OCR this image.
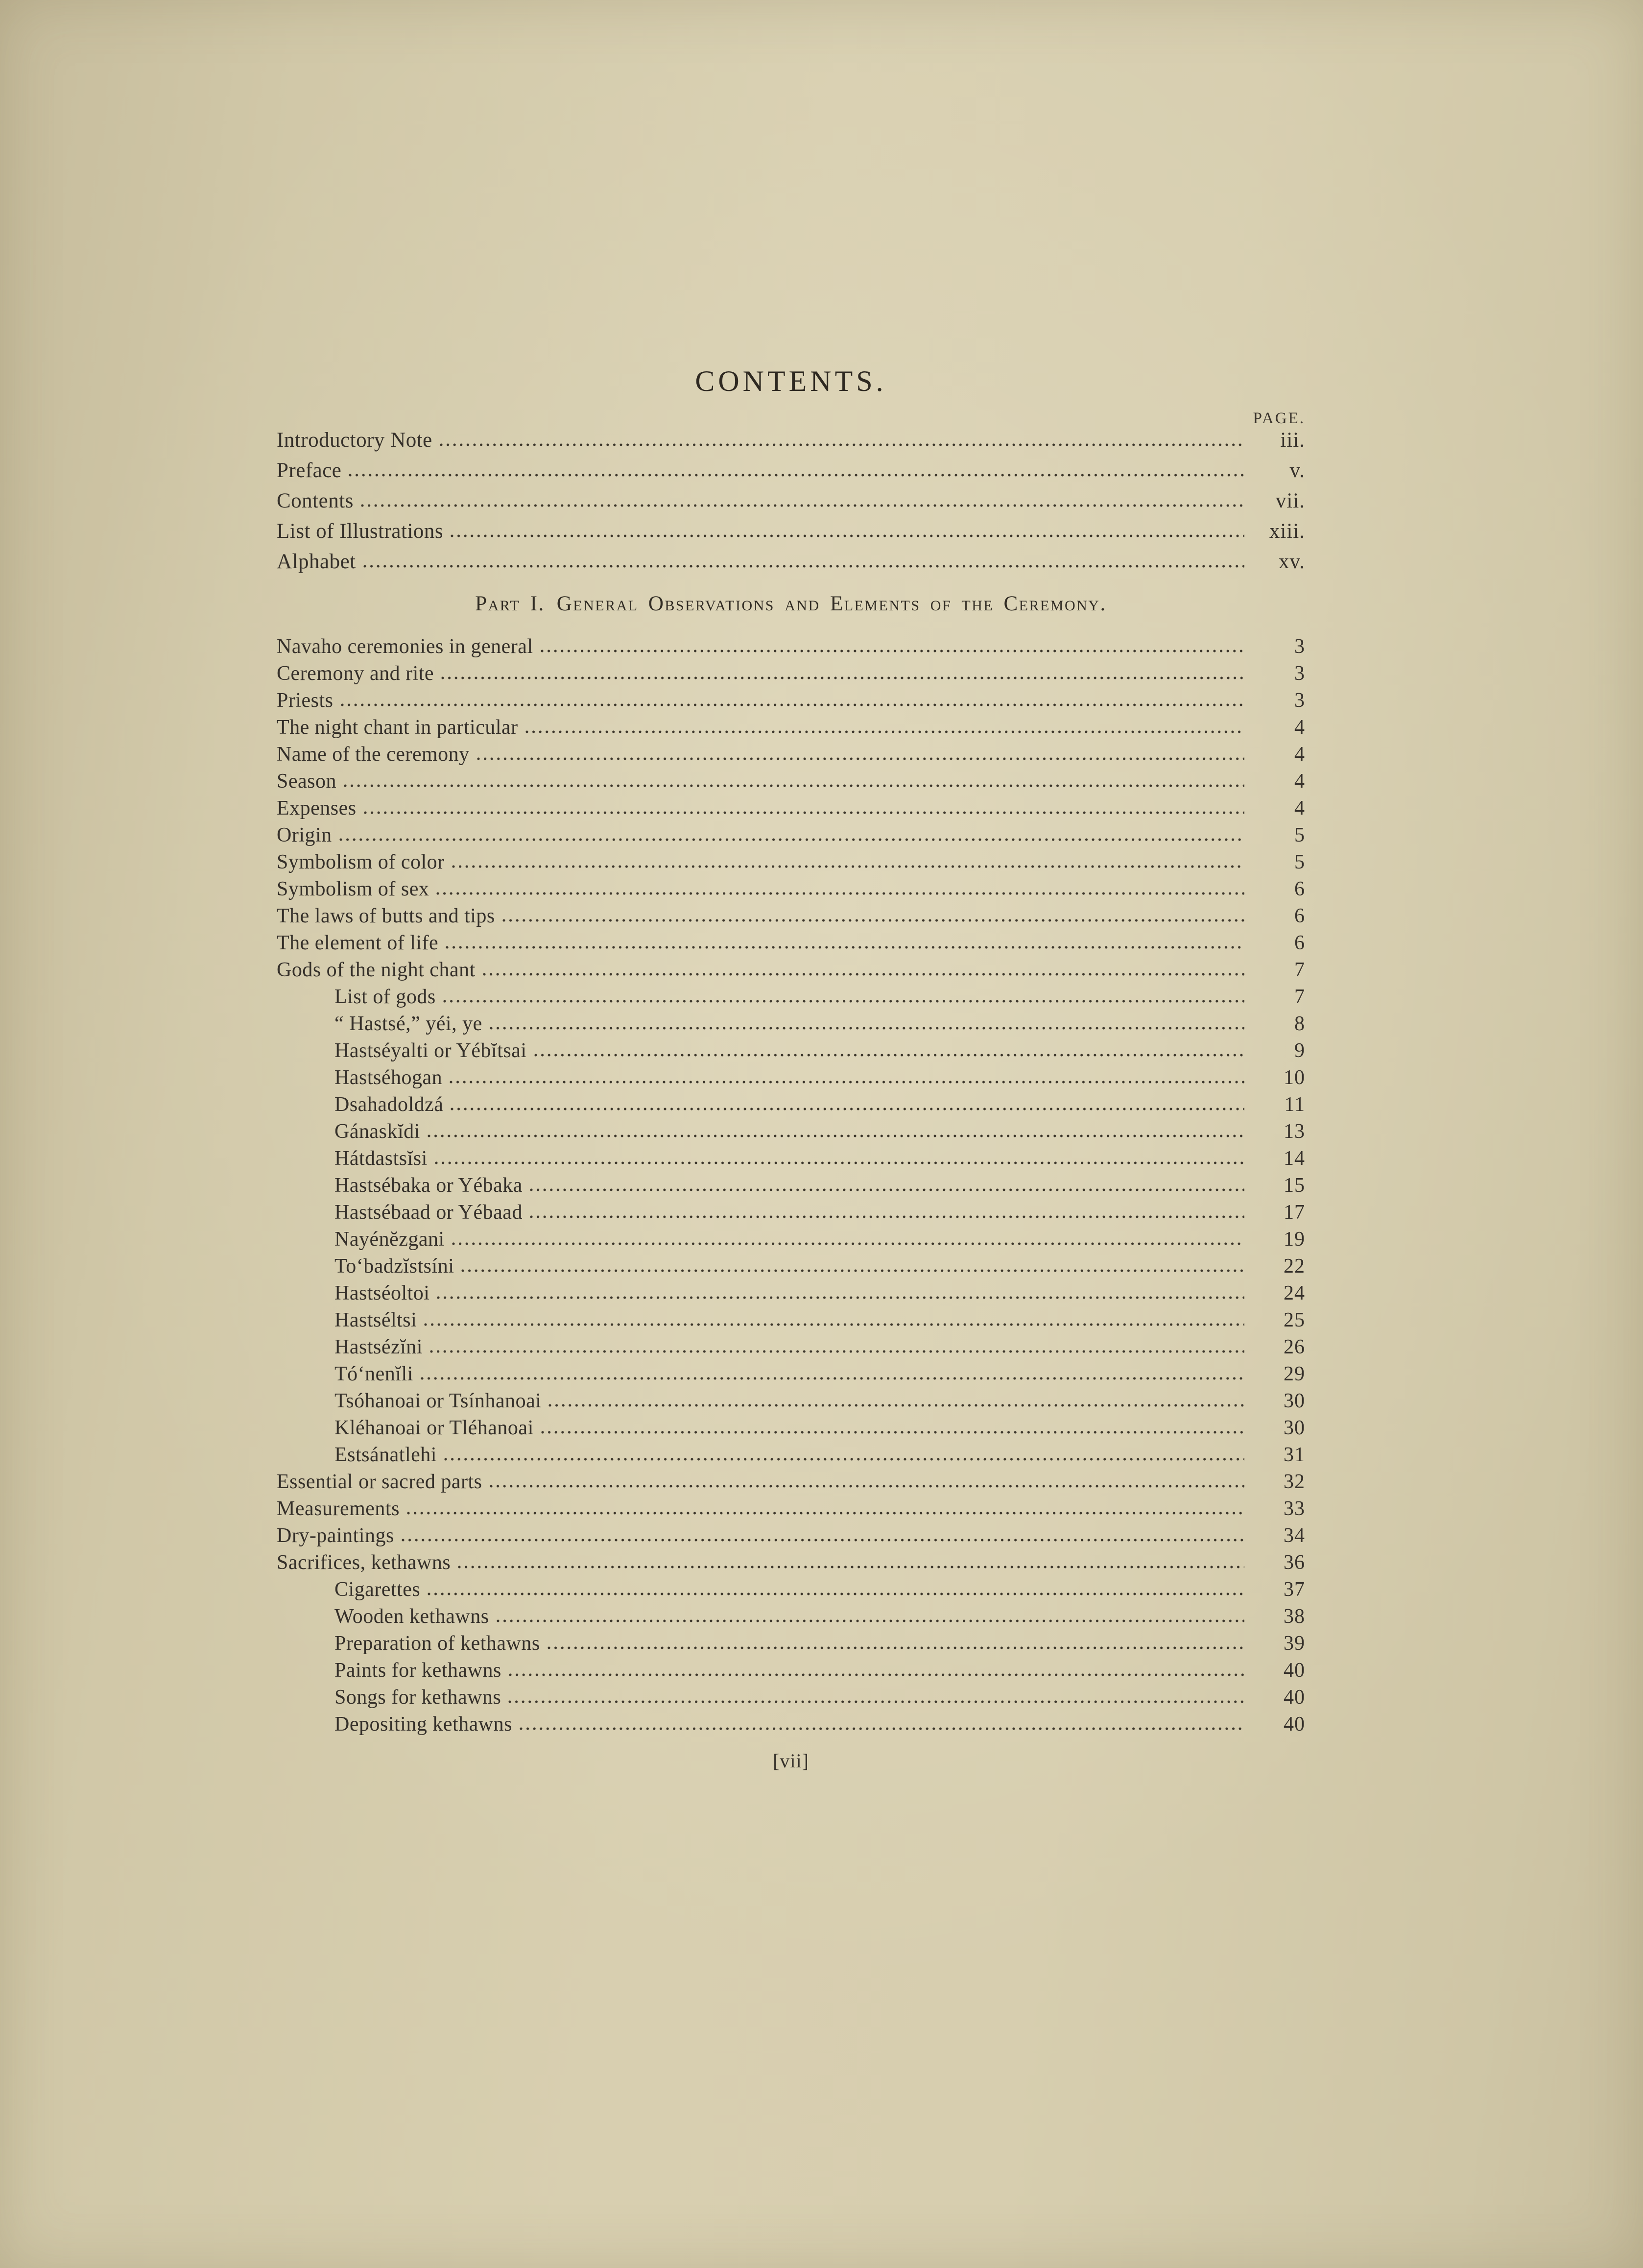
CONTENTS.
PAGE.
Introductory Note	iii.
Preface	v.
Contents	vii.
List of Illustrations	xiii.
Alphabet	xv.
Part I. General Observations and Elements of the Ceremony.
Navaho ceremonies in general	3
Ceremony and rite	3
Priests	3
The night chant in particular	4
Name of the ceremony	4
Season	4
Expenses	4
Origin	5
Symbolism of color	5
Symbolism of sex	6
The laws of butts and tips	6
The element of life	6
Gods of the night chant	7
List of gods	7
“ Hastsé,” yéi, ye	8
Hastséyalti or Yébĭtsai	9
Hastséhogan	10
Dsahadoldzá	11
Gánaskĭdi	13
Hátdastsĭsi	14
Hastsébaka or Yébaka	15
Hastsébaad or Yébaad	17
Nayénĕzgani	19
To‘badzĭstsíni	22
Hastséoltoi	24
Hastséltsi	25
Hastsézĭni	26
Tó‘nenĭli	29
Tsóhanoai or Tsínhanoai	30
Kléhanoai or Tléhanoai	30
Estsánatlehi	31
Essential or sacred parts	32
Measurements	33
Dry-paintings	34
Sacrifices, kethawns	36
Cigarettes	37
Wooden kethawns	38
Preparation of kethawns	39
Paints for kethawns	40
Songs for kethawns	40
Depositing kethawns	40
[vii]
